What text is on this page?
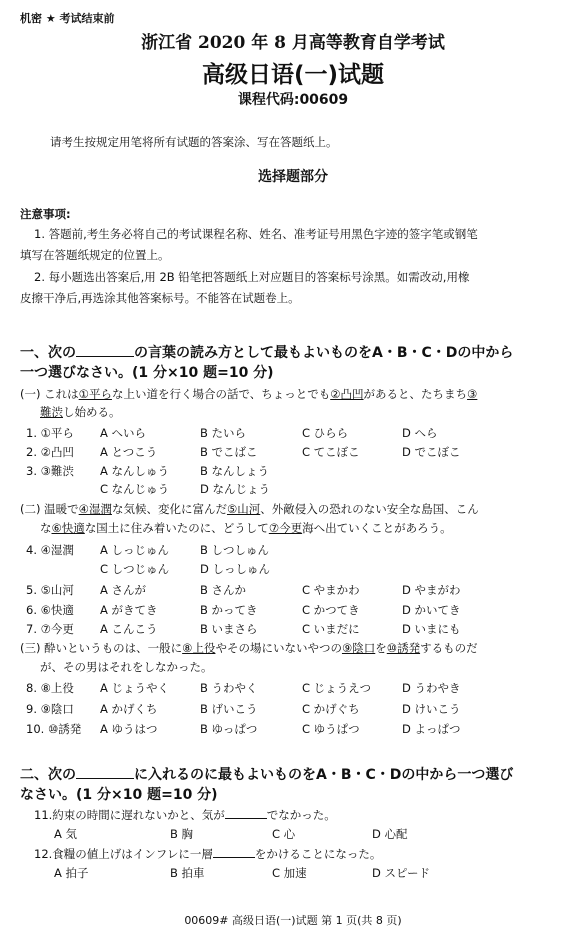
机密 ★ 考试结束前
浙江省 2020 年 8 月高等教育自学考试
高级日语(一)试题
课程代码:00609
请考生按规定用笔将所有试题的答案涂、写在答题纸上。
选择题部分
注意事项:
1. 答题前,考生务必将自己的考试课程名称、姓名、准考证号用黑色字迹的签字笔或钢笔
填写在答题纸规定的位置上。
2. 每小题选出答案后,用 2B 铅笔把答题纸上对应题目的答案标号涂黑。如需改动,用橡
皮擦干净后,再选涂其他答案标号。不能答在试题卷上。
一、次の	の言葉の読み方として最もよいものをA・B・C・Dの中から
一つ選びなさい。(1 分×10 题=10 分)
(一) これは①平らな上い道を行く場合の話で、ちょっとでも②凸凹があると、たちまち③
難渋し始める。
1. ①平ら A へいら	B たいら	C ひらら	D へら
2. ②凸凹 A とつこう	B でこばこ	C てこぼこ	D でこぼこ
3. ③難渋 A なんしゅう	B なんしょう
C なんじゅう	D なんじょう
4. ④湿潤 A しっじゅん	B しつしゅん
C しつじゅん	D しっしゅん
5. ⑤山河 A さんが	B さんか	C やまかわ	D やまがわ
6. ⑥快適 A がきてき	B かってき	C かつてき	D かいてき
7. ⑦今更 A こんこう	B いまさら	C いまだに	D いまにも
8. ⑧上役 A じょうやく	B うわやく	C じょうえつ	D うわやき
9. ⑨陰口 A かげくち	B げいこう	C かげぐち	D けいこう
10. ⑩誘発 A ゆうはつ	B ゆっぱつ	C ゆうぱつ	D よっぱつ
(二) 温暖で④湿潤な気候、変化に富んだ⑤山河、外敵侵入の恐れのない安全な島国、こん
な⑥快適な国土に住み着いたのに、どうして⑦今更海へ出ていくことがあろう。
(三) 酔いというものは、一般に⑧上役やその場にいないやつの⑨陰口を⑩誘発するものだ
が、その男はそれをしなかった。
二、次の	に入れるのに最もよいものをA・B・C・Dの中から一つ選び
なさい。(1 分×10 题=10 分)
11.約束の時間に遅れないかと、気が	でなかった。
A 気	B 胸	C 心	D 心配
12.食糧の値上げはインフレに一層	をかけることになった。
A 拍子	B 拍車	C 加速	D スピード
00609# 高级日语(一)试题 第 1 页(共 8 页)
